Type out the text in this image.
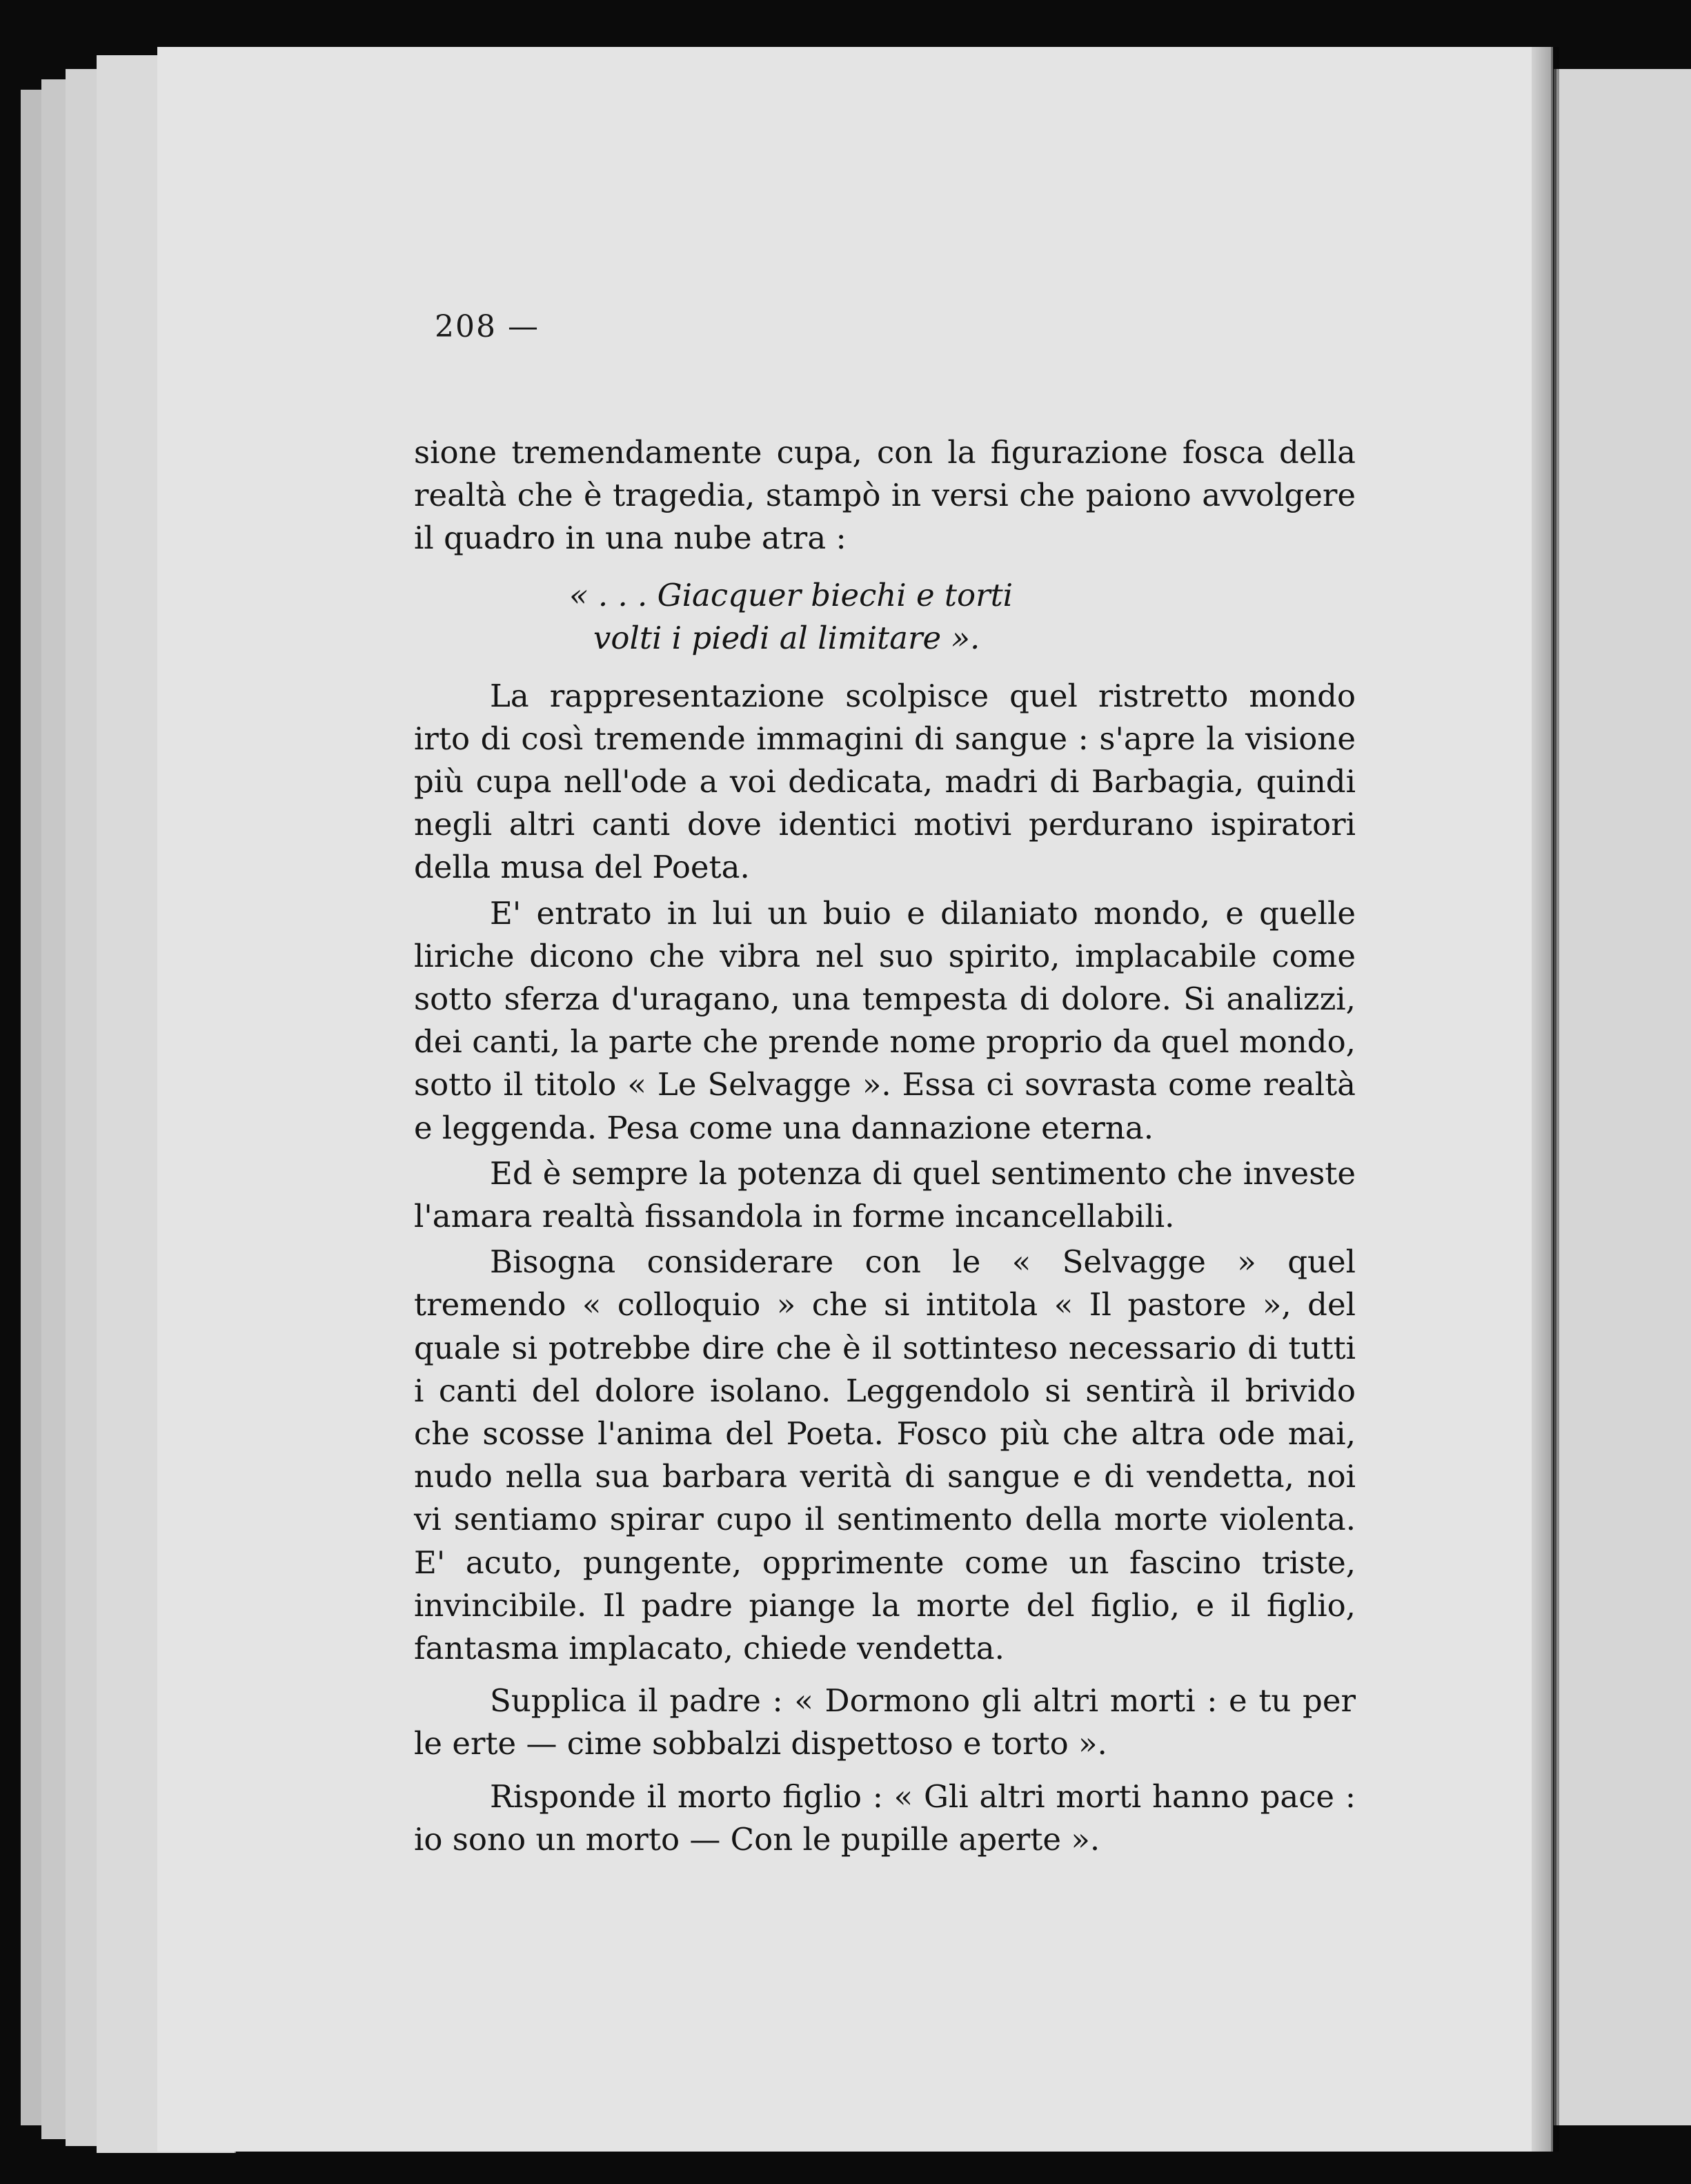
208 —

sione tremendamente cupa, con la figurazione fosca della realtà che è tragedia, stampò in versi che paiono avvolgere il quadro in una nube atra :

« . . . Giacquer biechi e torti
volti i piedi al limitare ».

La rappresentazione scolpisce quel ristretto mondo irto di così tremende immagini di sangue : s'apre la visione più cupa nell'ode a voi dedicata, madri di Barbagia, quindi negli altri canti dove identici motivi perdurano ispiratori della musa del Poeta.

E' entrato in lui un buio e dilaniato mondo, e quelle liriche dicono che vibra nel suo spirito, implacabile come sotto sferza d'uragano, una tempesta di dolore. Si analizzi, dei canti, la parte che prende nome proprio da quel mondo, sotto il titolo « Le Selvagge ». Essa ci sovrasta come realtà e leggenda. Pesa come una dannazione eterna.

Ed è sempre la potenza di quel sentimento che investe l'amara realtà fissandola in forme incancellabili.

Bisogna considerare con le « Selvagge » quel tremendo « colloquio » che si intitola « Il pastore », del quale si potrebbe dire che è il sottinteso necessario di tutti i canti del dolore isolano. Leggendolo si sentirà il brivido che scosse l'anima del Poeta. Fosco più che altra ode mai, nudo nella sua barbara verità di sangue e di vendetta, noi vi sentiamo spirar cupo il sentimento della morte violenta. E' acuto, pungente, opprimente come un fascino triste, invincibile. Il padre piange la morte del figlio, e il figlio, fantasma implacato, chiede vendetta.

Supplica il padre : « Dormono gli altri morti : e tu per le erte — cime sobbalzi dispettoso e torto ».

Risponde il morto figlio : « Gli altri morti hanno pace : io sono un morto — Con le pupille aperte ».
